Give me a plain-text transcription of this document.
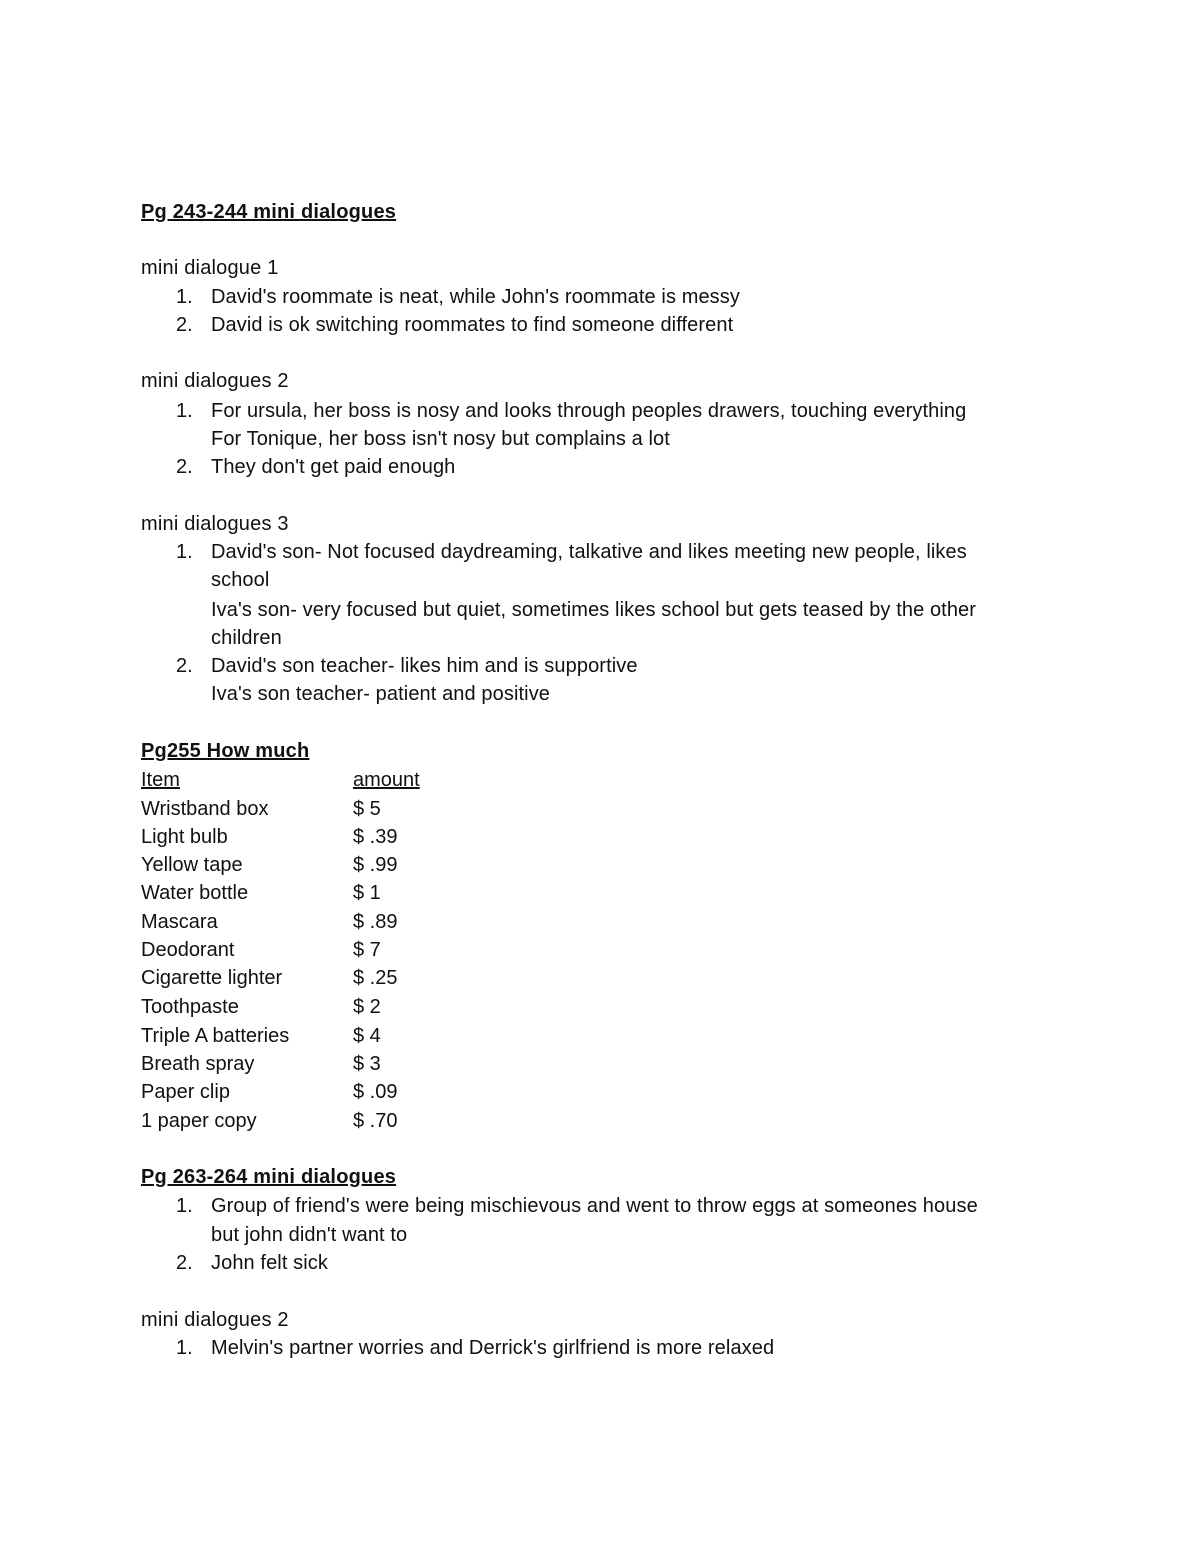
Pg 243-244 mini dialogues
mini dialogue 1
1. David's roommate is neat, while John's roommate is messy
2. David is ok switching roommates to find someone different
mini dialogues 2
1. For ursula, her boss is nosy and looks through peoples drawers, touching everything
For Tonique, her boss isn't nosy but complains a lot
2. They don't get paid enough
mini dialogues 3
1. David's son- Not focused daydreaming, talkative and likes meeting new people, likes
school
Iva's son- very focused but quiet, sometimes likes school but gets teased by the other
children
2. David's son teacher- likes him and is supportive
Iva's son teacher- patient and positive
Pg255 How much
Item	amount
Wristband box	$ 5
Light bulb	$ .39
Yellow tape	$ .99
Water bottle	$ 1
Mascara	$ .89
Deodorant	$ 7
Cigarette lighter	$ .25
Toothpaste	$ 2
Triple A batteries	$ 4
Breath spray	$ 3
Paper clip	$ .09
1 paper copy	$ .70
Pg 263-264 mini dialogues
1. Group of friend's were being mischievous and went to throw eggs at someones house
but john didn't want to
2. John felt sick
mini dialogues 2
1. Melvin's partner worries and Derrick's girlfriend is more relaxed
